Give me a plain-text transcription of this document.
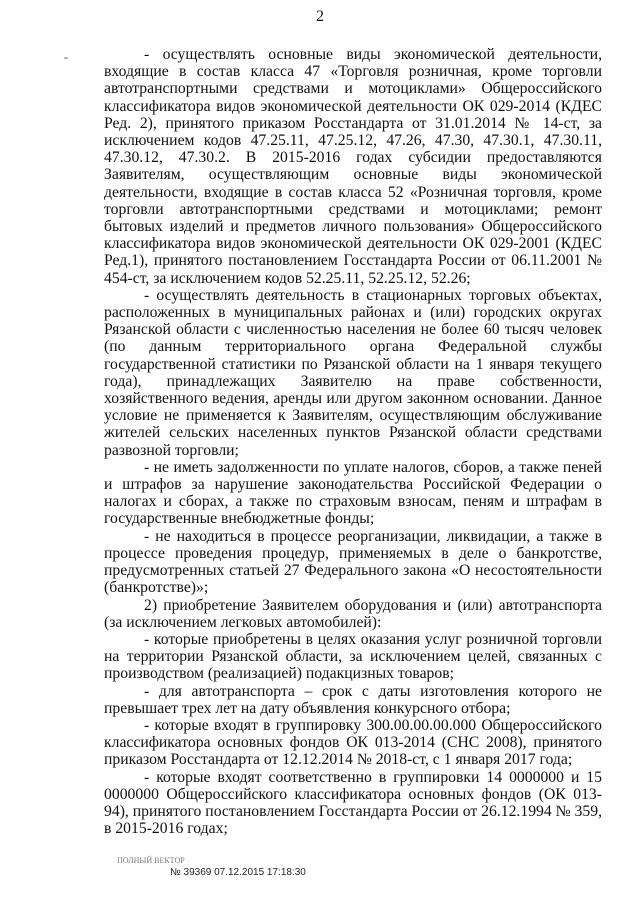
2
-	- осуществлять основные виды экономической деятельности, входящие в состав класса 47 «Торговля розничная, кроме торговли автотранспортными средствами и мотоциклами» Общероссийского классификатора видов экономической деятельности ОК 029-2014 (КДЕС Ред. 2), принятого приказом Росстандарта от 31.01.2014 № 14-ст, за исключением кодов 47.25.11, 47.25.12, 47.26, 47.30, 47.30.1, 47.30.11, 47.30.12, 47.30.2. В 2015-2016 годах субсидии предоставляются Заявителям, осуществляющим основные виды экономической деятельности, входящие в состав класса 52 «Розничная торговля, кроме торговли автотранспортными средствами и мотоциклами; ремонт бытовых изделий и предметов личного пользования» Общероссийского классификатора видов экономической деятельности ОК 029-2001 (КДЕС Ред.1), принятого постановлением Госстандарта России от 06.11.2001 № 454-ст, за исключением кодов 52.25.11, 52.25.12, 52.26;

- осуществлять деятельность в стационарных торговых объектах, расположенных в муниципальных районах и (или) городских округах Рязанской области с численностью населения не более 60 тысяч человек (по данным территориального органа Федеральной службы государственной статистики по Рязанской области на 1 января текущего года), принадлежащих Заявителю на праве собственности, хозяйственного ведения, аренды или другом законном основании. Данное условие не применяется к Заявителям, осуществляющим обслуживание жителей сельских населенных пунктов Рязанской области средствами развозной торговли;

- не иметь задолженности по уплате налогов, сборов, а также пеней и штрафов за нарушение законодательства Российской Федерации о налогах и сборах, а также по страховым взносам, пеням и штрафам в государственные внебюджетные фонды;

- не находиться в процессе реорганизации, ликвидации, а также в процессе проведения процедур, применяемых в деле о банкротстве, предусмотренных статьей 27 Федерального закона «О несостоятельности (банкротстве)»;

2) приобретение Заявителем оборудования и (или) автотранспорта (за исключением легковых автомобилей):

- которые приобретены в целях оказания услуг розничной торговли на территории Рязанской области, за исключением целей, связанных с производством (реализацией) подакцизных товаров;

- для автотранспорта – срок с даты изготовления которого не превышает трех лет на дату объявления конкурсного отбора;

- которые входят в группировку 300.00.00.00.000 Общероссийского классификатора основных фондов ОК 013-2014 (СНС 2008), принятого приказом Росстандарта от 12.12.2014 № 2018-ст, с 1 января 2017 года;

- которые входят соответственно в группировки 14 0000000 и 15 0000000 Общероссийского классификатора основных фондов (ОК 013-94), принятого постановлением Госстандарта России от 26.12.1994 № 359, в 2015-2016 годах;

ПОЛНЫЙ ВЕКТОР
№ 39369 07.12.2015 17:18:30
